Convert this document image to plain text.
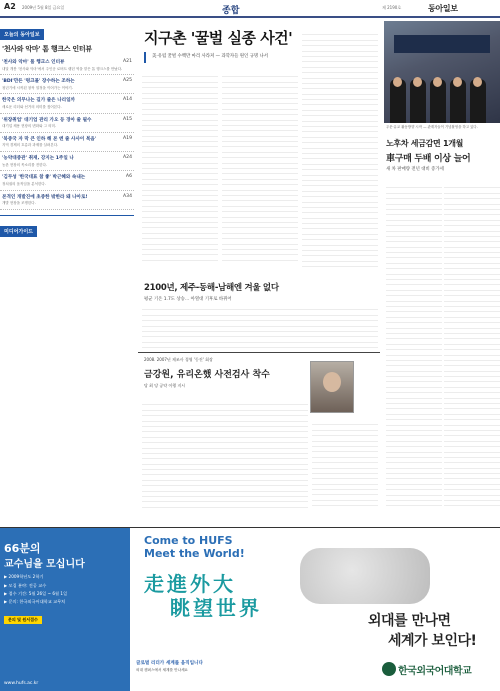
A2 2009년 5월 8일 금요일	종합	제 2190호	동아일보
오늘의 동아일보
'천사와 악마' 톰 행크스 인터뷰
'천사와 악마' 톰 행크스 인터뷰	A21
내달 개봉 '천사와 악마'에서 주인공 로버트 랭던 역을 맡은 톰 행크스를 만났다.
'BDI'만든 '펑크몰' 장수하는 조하는	A25
청년기에 시작된 창작 열정을 이어가는 이야기.
한국은 의무나는 길가 줄은 나리일까	A14
새로운 리더와 선거의 의미를 짚어본다.
'위장취업' 대기업 관리 가오 등 경아 줄 필수	A15
대기업 채용 현장의 변화와 그 의미.
'북중국 자 막 큰 인하 해 본 엔 줄 사사이 복음'	A19
지역 경제의 흐름과 과제를 살펴본다.
'농약대중관' 취재, 강지는 1주일 나	A24
농촌 현장의 목소리를 전한다.
'김무성 '한국대표 참 좋' 박근혜와 속내는	A6
정치권의 움직임을 분석한다.
본격인 개발진에 초중한 밖한라 돼 나아로!	A34
개발 현장을 조명한다.
미디어가이드
지구촌 '꿀벌 실종 사건'
美·유럽 꿀벌 수백만 마리 사라져 — 과학자들 원인 규명 나서
2100년, 제주-동해-남해엔 겨울 없다
평균 기온 1.7도 상승… 아열대 기후로 바뀌어
2008. 2007년 제조사 경영 '동진' 회장
금강원, 유리온했 사전검사 착수
당 최 당 공약 이행 지시
우문·유교 활동방향 시작 — 관계자들이 기념촬영을 하고 있다.
노후차 세금감면 1개월
車구매 두배 이상 늘어
새 차 판매량 전년 대비 증가세
66분의
교수님을 모십니다
▶ 2009학년도 2학기
▶ 모집 분야: 전공 교수
▶ 접수 기간: 5월 26일 ~ 6월 1일
▶ 문의: 한국외국어대학교 교무처
문의 및 원서접수
www.hufs.ac.kr
Come to HUFS
Meet the World!
走進外大
眺望世界
외대를 만나면
세계가 보인다!
글로벌 리더가 세계를 움직입니다
외대 캠퍼스에서 세계를 만나세요	한국외국어대학교
